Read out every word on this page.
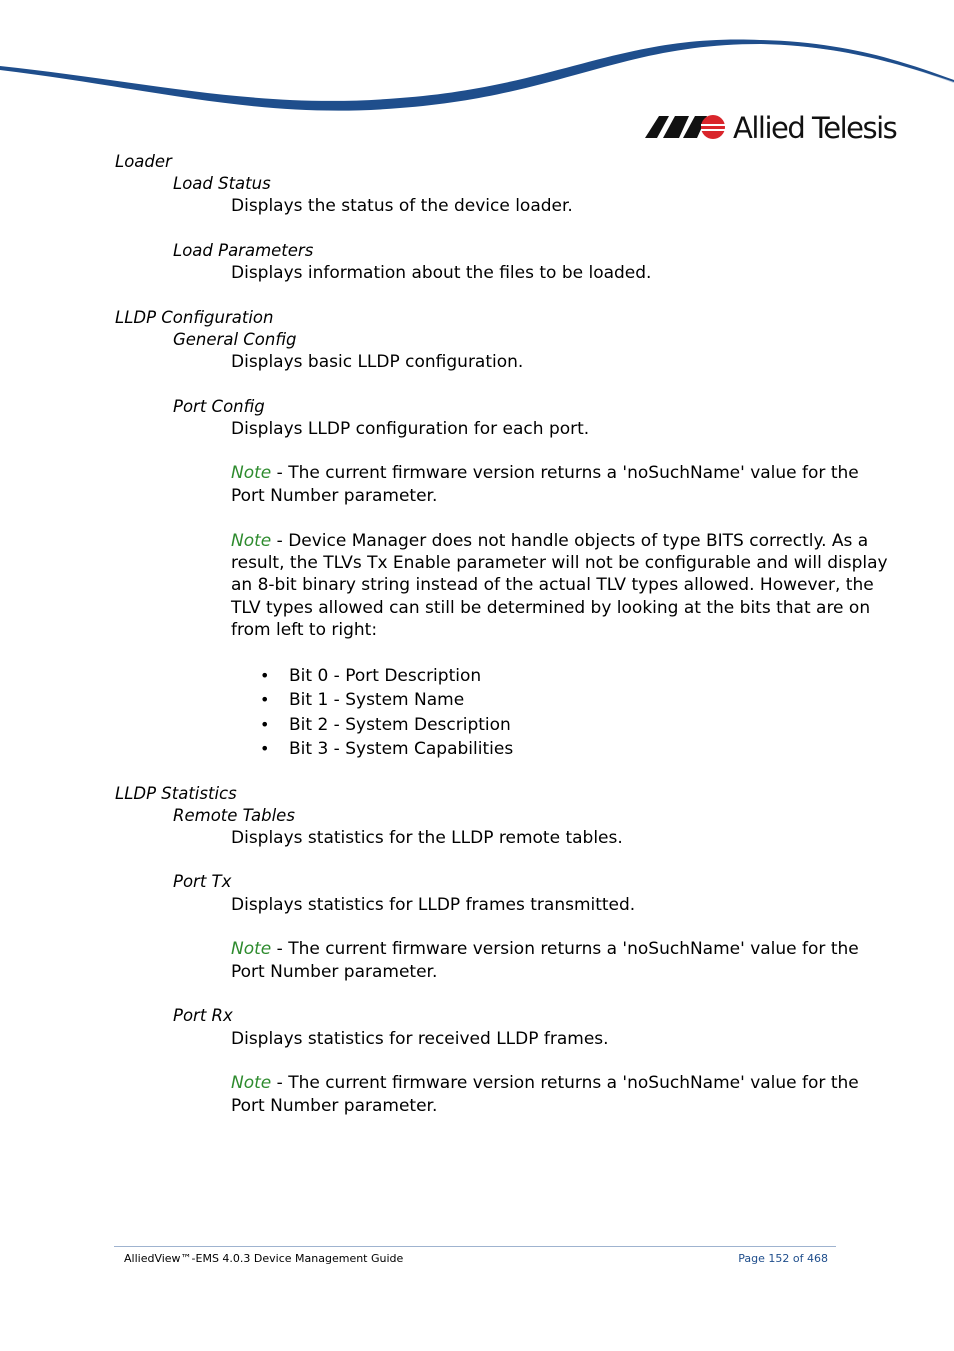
Allied Telesis
Loader
Load Status
Displays the status of the device loader.
Load Parameters
Displays information about the files to be loaded.
LLDP Configuration
General Config
Displays basic LLDP configuration.
Port Config
Displays LLDP configuration for each port.
Note - The current firmware version returns a 'noSuchName' value for the
Port Number parameter.
Note - Device Manager does not handle objects of type BITS correctly. As a
result, the TLVs Tx Enable parameter will not be configurable and will display
an 8-bit binary string instead of the actual TLV types allowed. However, the
TLV types allowed can still be determined by looking at the bits that are on
from left to right:
• Bit 0 - Port Description
• Bit 1 - System Name
• Bit 2 - System Description
• Bit 3 - System Capabilities
LLDP Statistics
Remote Tables
Displays statistics for the LLDP remote tables.
Port Tx
Displays statistics for LLDP frames transmitted.
Note - The current firmware version returns a 'noSuchName' value for the
Port Number parameter.
Port Rx
Displays statistics for received LLDP frames.
Note - The current firmware version returns a 'noSuchName' value for the
Port Number parameter.
AlliedView™-EMS 4.0.3 Device Management Guide	Page 152 of 468
